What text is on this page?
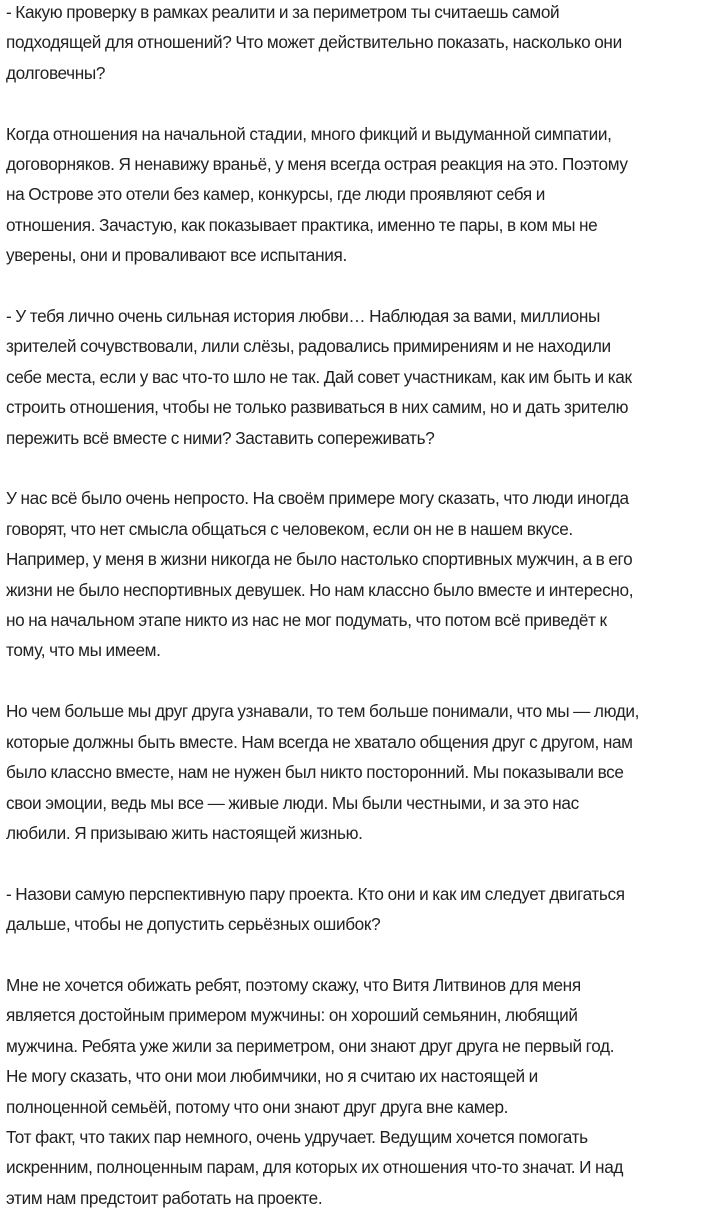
- Какую проверку в рамках реалити и за периметром ты считаешь самой

подходящей для отношений? Что может действительно показать, насколько они

долговечны?

Когда отношения на начальной стадии, много фикций и выдуманной симпатии,

договорняков. Я ненавижу враньё, у меня всегда острая реакция на это. Поэтому

на Острове это отели без камер, конкурсы, где люди проявляют себя и

отношения. Зачастую, как показывает практика, именно те пары, в ком мы не

уверены, они и проваливают все испытания.

- У тебя лично очень сильная история любви… Наблюдая за вами, миллионы

зрителей сочувствовали, лили слёзы, радовались примирениям и не находили

себе места, если у вас что-то шло не так. Дай совет участникам, как им быть и как

строить отношения, чтобы не только развиваться в них самим, но и дать зрителю

пережить всё вместе с ними? Заставить сопереживать?

У нас всё было очень непросто. На своём примере могу сказать, что люди иногда

говорят, что нет смысла общаться с человеком, если он не в нашем вкусе.

Например, у меня в жизни никогда не было настолько спортивных мужчин, а в его

жизни не было неспортивных девушек. Но нам классно было вместе и интересно,

но на начальном этапе никто из нас не мог подумать, что потом всё приведёт к

тому, что мы имеем.

Но чем больше мы друг друга узнавали, то тем больше понимали, что мы — люди,

которые должны быть вместе. Нам всегда не хватало общения друг с другом, нам

было классно вместе, нам не нужен был никто посторонний. Мы показывали все

свои эмоции, ведь мы все — живые люди. Мы были честными, и за это нас

любили. Я призываю жить настоящей жизнью.

- Назови самую перспективную пару проекта. Кто они и как им следует двигаться

дальше, чтобы не допустить серьёзных ошибок?

Мне не хочется обижать ребят, поэтому скажу, что Витя Литвинов для меня

является достойным примером мужчины: он хороший семьянин, любящий

мужчина. Ребята уже жили за периметром, они знают друг друга не первый год.

Не могу сказать, что они мои любимчики, но я считаю их настоящей и

полноценной семьёй, потому что они знают друг друга вне камер.

Тот факт, что таких пар немного, очень удручает. Ведущим хочется помогать

искренним, полноценным парам, для которых их отношения что-то значат. И над

этим нам предстоит работать на проекте.
